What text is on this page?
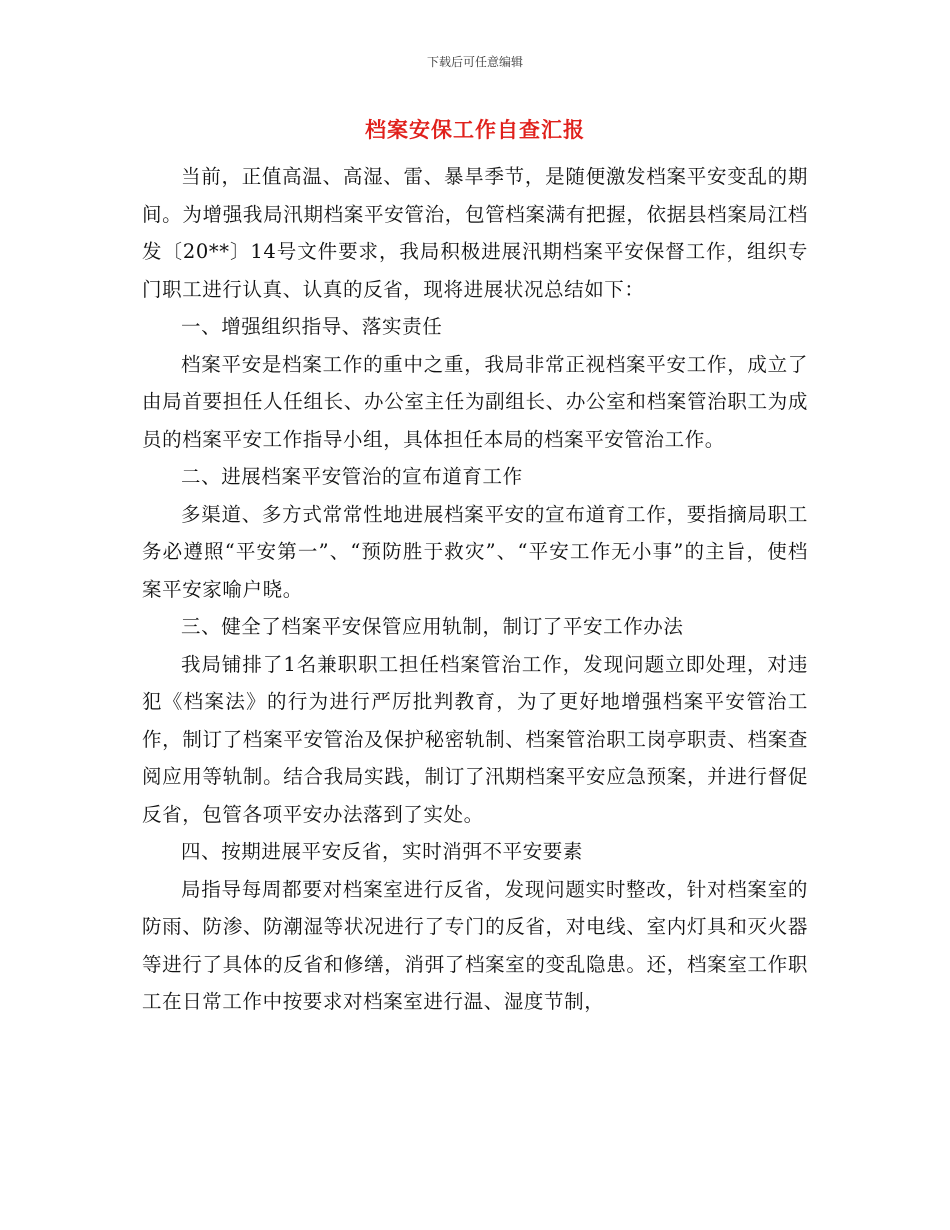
下载后可任意编辑
档案安保工作自查汇报

当前，正值高温、高湿、雷、暴旱季节，是随便激发档案平安变乱的期间。为增强我局汛期档案平安管治，包管档案满有把握，依据县档案局江档发〔20**〕14号文件要求，我局积极进展汛期档案平安保督工作，组织专门职工进行认真、认真的反省，现将进展状况总结如下：

一、增强组织指导、落实责任

档案平安是档案工作的重中之重，我局非常正视档案平安工作，成立了由局首要担任人任组长、办公室主任为副组长、办公室和档案管治职工为成员的档案平安工作指导小组，具体担任本局的档案平安管治工作。

二、进展档案平安管治的宣布道育工作

多渠道、多方式常常性地进展档案平安的宣布道育工作，要指摘局职工务必遵照“平安第一”、“预防胜于救灾”、“平安工作无小事”的主旨，使档案平安家喻户晓。

三、健全了档案平安保管应用轨制，制订了平安工作办法

我局铺排了1名兼职职工担任档案管治工作，发现问题立即处理，对违犯《档案法》的行为进行严厉批判教育，为了更好地增强档案平安管治工作，制订了档案平安管治及保护秘密轨制、档案管治职工岗亭职责、档案查阅应用等轨制。结合我局实践，制订了汛期档案平安应急预案，并进行督促反省，包管各项平安办法落到了实处。

四、按期进展平安反省，实时消弭不平安要素

局指导每周都要对档案室进行反省，发现问题实时整改，针对档案室的防雨、防渗、防潮湿等状况进行了专门的反省，对电线、室内灯具和灭火器等进行了具体的反省和修缮，消弭了档案室的变乱隐患。还，档案室工作职工在日常工作中按要求对档案室进行温、湿度节制，
